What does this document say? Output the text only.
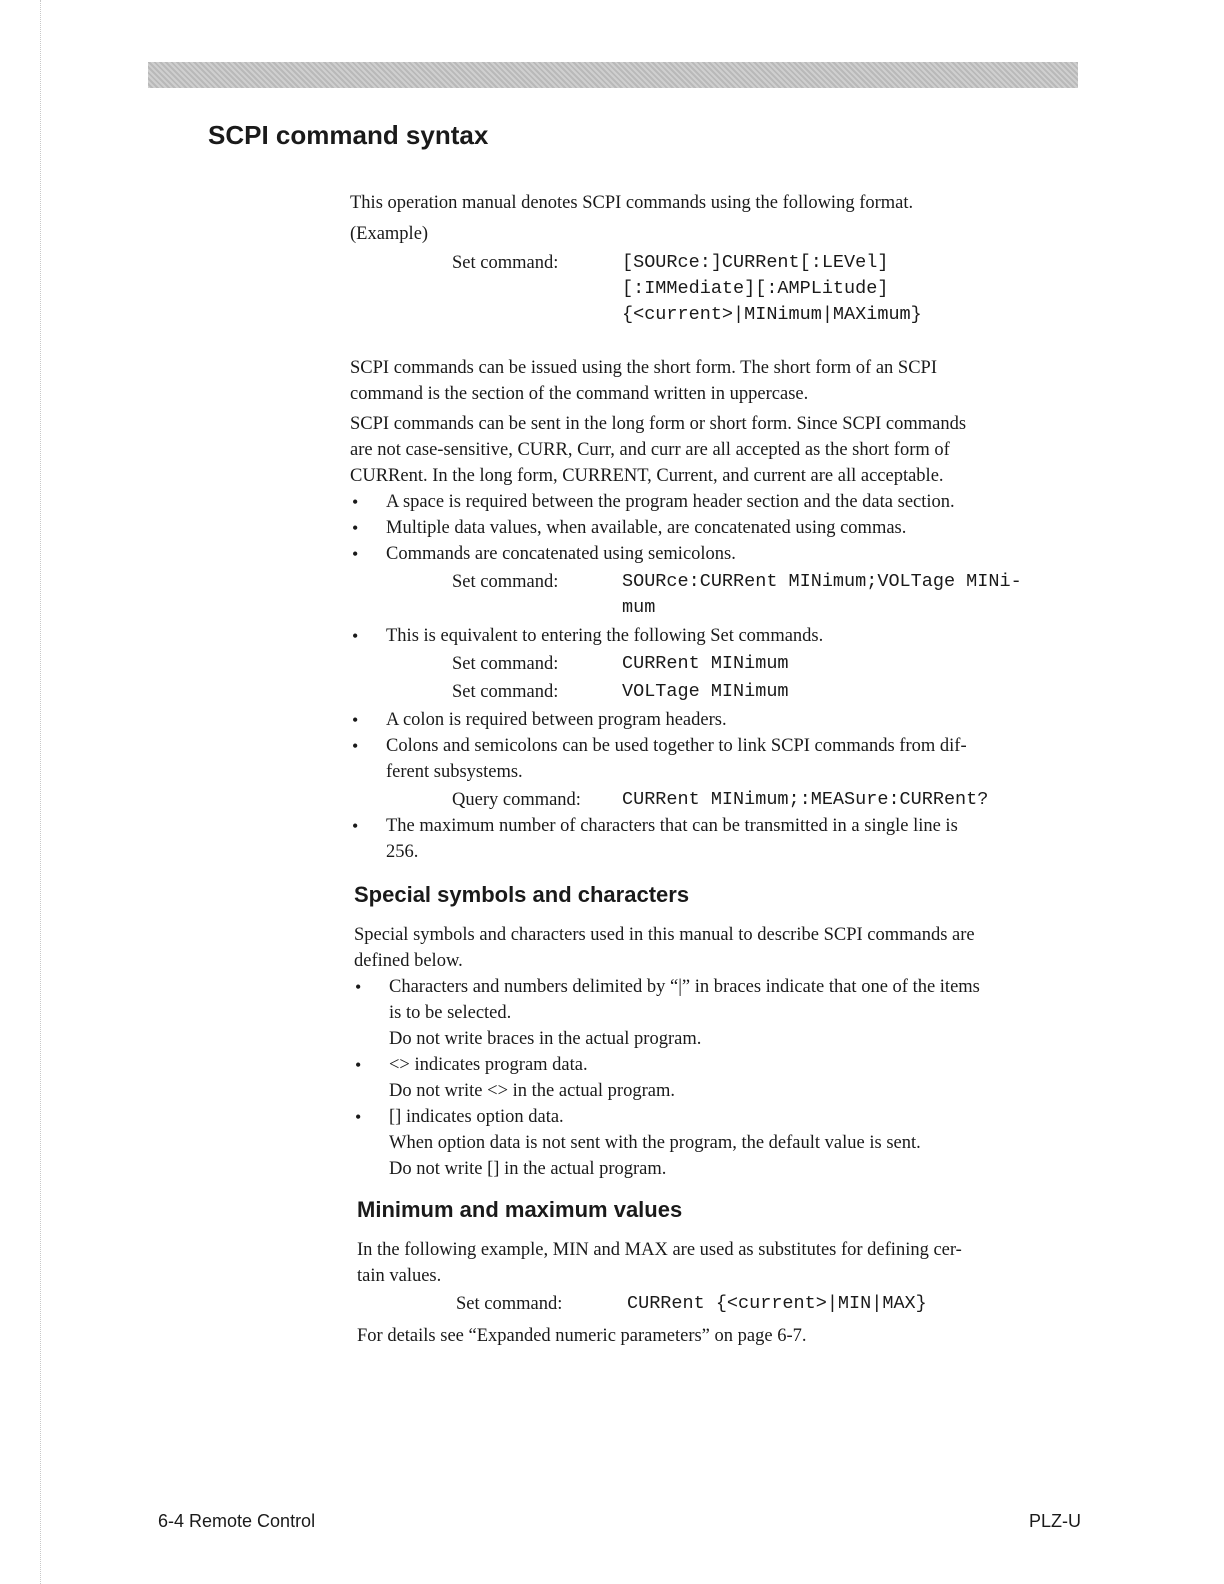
SCPI command syntax

This operation manual denotes SCPI commands using the following format.

(Example)

Set command:	[SOURce:]CURRent[:LEVel]
[:IMMediate][:AMPLitude]
{<current>|MINimum|MAXimum}

SCPI commands can be issued using the short form. The short form of an SCPI

command is the section of the command written in uppercase.

SCPI commands can be sent in the long form or short form. Since SCPI commands

are not case-sensitive, CURR, Curr, and curr are all accepted as the short form of

CURRent. In the long form, CURRENT, Current, and current are all acceptable.

• A space is required between the program header section and the data section.

• Multiple data values, when available, are concatenated using commas.

• Commands are concatenated using semicolons.

Set command:	SOURce:CURRent MINimum;VOLTage MINi-
mum
• This is equivalent to entering the following Set commands.

Set command:	CURRent MINimum
Set command:	VOLTage MINimum
• A colon is required between program headers.

• Colons and semicolons can be used together to link SCPI commands from dif-

ferent subsystems.

Query command: CURRent MINimum;:MEASure:CURRent?
• The maximum number of characters that can be transmitted in a single line is

256.

Special symbols and characters

Special symbols and characters used in this manual to describe SCPI commands are

defined below.

• Characters and numbers delimited by “|” in braces indicate that one of the items

is to be selected.

Do not write braces in the actual program.

• <> indicates program data.

Do not write <> in the actual program.

• [] indicates option data.

When option data is not sent with the program, the default value is sent.

Do not write [] in the actual program.

Minimum and maximum values

In the following example, MIN and MAX are used as substitutes for defining cer-

tain values.

Set command:	CURRent {<current>|MIN|MAX}

For details see “Expanded numeric parameters” on page 6-7.

6-4 Remote Control	PLZ-U
